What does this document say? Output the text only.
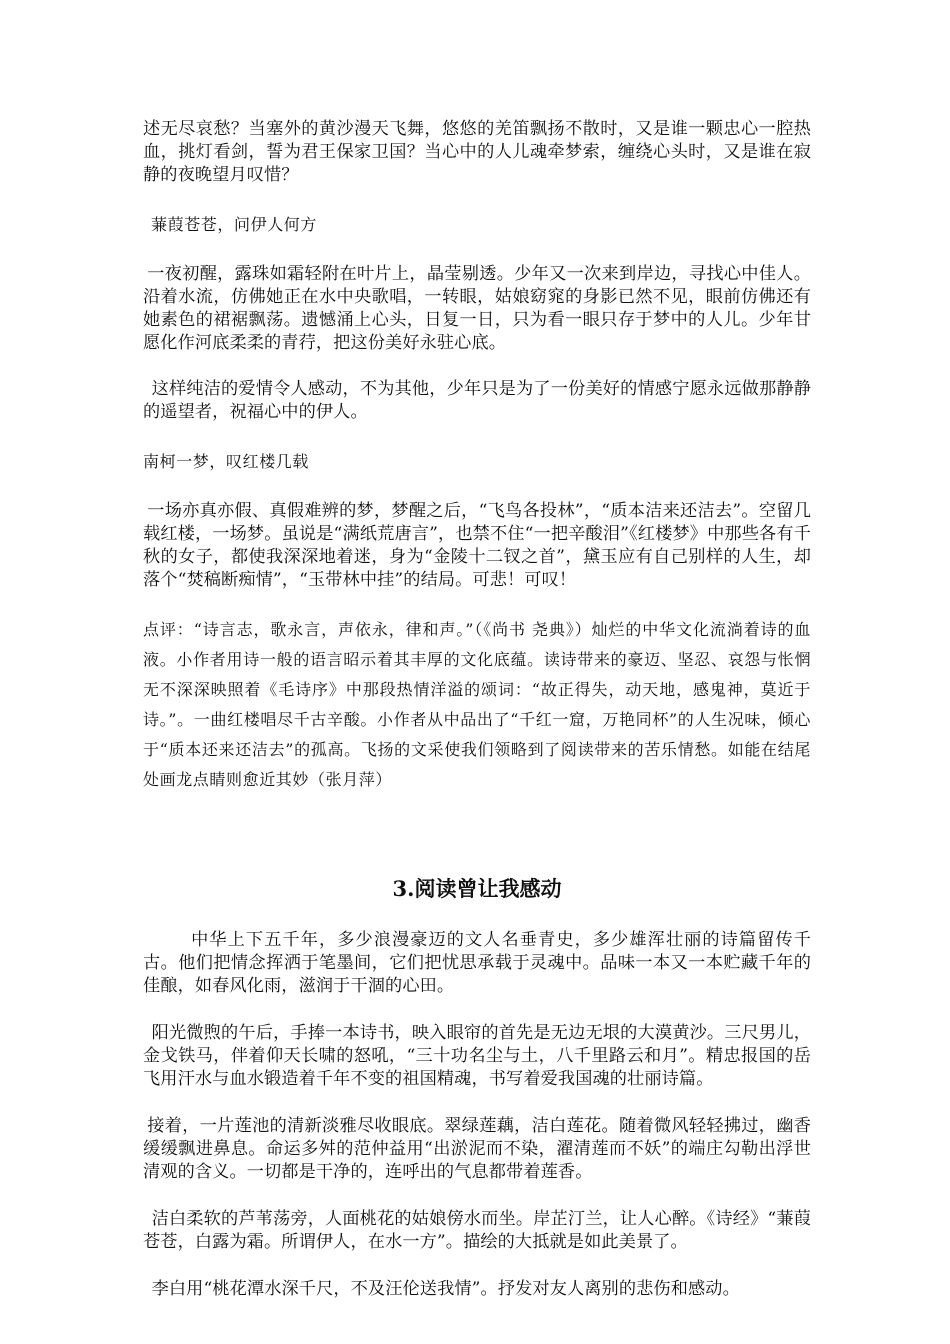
述无尽哀愁？当塞外的黄沙漫天飞舞，悠悠的羌笛飘扬不散时，又是谁一颗忠心一腔热血，挑灯看剑，誓为君王保家卫国？当心中的人儿魂牵梦索，缠绕心头时，又是谁在寂静的夜晚望月叹惜？

蒹葭苍苍，问伊人何方

一夜初醒，露珠如霜轻附在叶片上，晶莹剔透。少年又一次来到岸边，寻找心中佳人。沿着水流，仿佛她正在水中央歌唱，一转眼，姑娘窈窕的身影已然不见，眼前仿佛还有她素色的裙裾飘荡。遗憾涌上心头，日复一日，只为看一眼只存于梦中的人儿。少年甘愿化作河底柔柔的青荇，把这份美好永驻心底。

这样纯洁的爱情令人感动，不为其他，少年只是为了一份美好的情感宁愿永远做那静静的遥望者，祝福心中的伊人。

南柯一梦，叹红楼几载

一场亦真亦假、真假难辨的梦，梦醒之后，“飞鸟各投林”，“质本洁来还洁去”。空留几载红楼，一场梦。虽说是“满纸荒唐言”，也禁不住“一把辛酸泪”《红楼梦》中那些各有千秋的女子，都使我深深地着迷，身为“金陵十二钗之首”，黛玉应有自己别样的人生，却落个“焚稿断痴情”，“玉带林中挂”的结局。可悲！可叹！

点评：“诗言志，歌永言，声依永，律和声。”（《尚书 尧典》）灿烂的中华文化流淌着诗的血液。小作者用诗一般的语言昭示着其丰厚的文化底蕴。读诗带来的豪迈、坚忍、哀怨与怅惘无不深深映照着《毛诗序》中那段热情洋溢的颂词：“故正得失，动天地，感鬼神，莫近于诗。”。一曲红楼唱尽千古辛酸。小作者从中品出了“千红一窟，万艳同杯”的人生况味，倾心于“质本还来还洁去”的孤高。飞扬的文采使我们领略到了阅读带来的苦乐情愁。如能在结尾处画龙点睛则愈近其妙（张月萍）

3.阅读曾让我感动

中华上下五千年，多少浪漫豪迈的文人名垂青史，多少雄浑壮丽的诗篇留传千古。他们把情念挥洒于笔墨间，它们把忧思承载于灵魂中。品味一本又一本贮藏千年的佳酿，如春风化雨，滋润于干涸的心田。

阳光微煦的午后，手捧一本诗书，映入眼帘的首先是无边无垠的大漠黄沙。三尺男儿，金戈铁马，伴着仰天长啸的怒吼，“三十功名尘与土，八千里路云和月”。精忠报国的岳飞用汗水与血水锻造着千年不变的祖国精魂，书写着爱我国魂的壮丽诗篇。

接着，一片莲池的清新淡雅尽收眼底。翠绿莲藕，洁白莲花。随着微风轻轻拂过，幽香缓缓飘进鼻息。命运多舛的范仲益用“出淤泥而不染，濯清莲而不妖”的端庄勾勒出浮世清观的含义。一切都是干净的，连呼出的气息都带着莲香。

洁白柔软的芦苇荡旁，人面桃花的姑娘傍水而坐。岸芷汀兰，让人心醉。《诗经》“蒹葭苍苍，白露为霜。所谓伊人，在水一方”。描绘的大抵就是如此美景了。

李白用“桃花潭水深千尺，不及汪伦送我情”。抒发对友人离别的悲伤和感动。
